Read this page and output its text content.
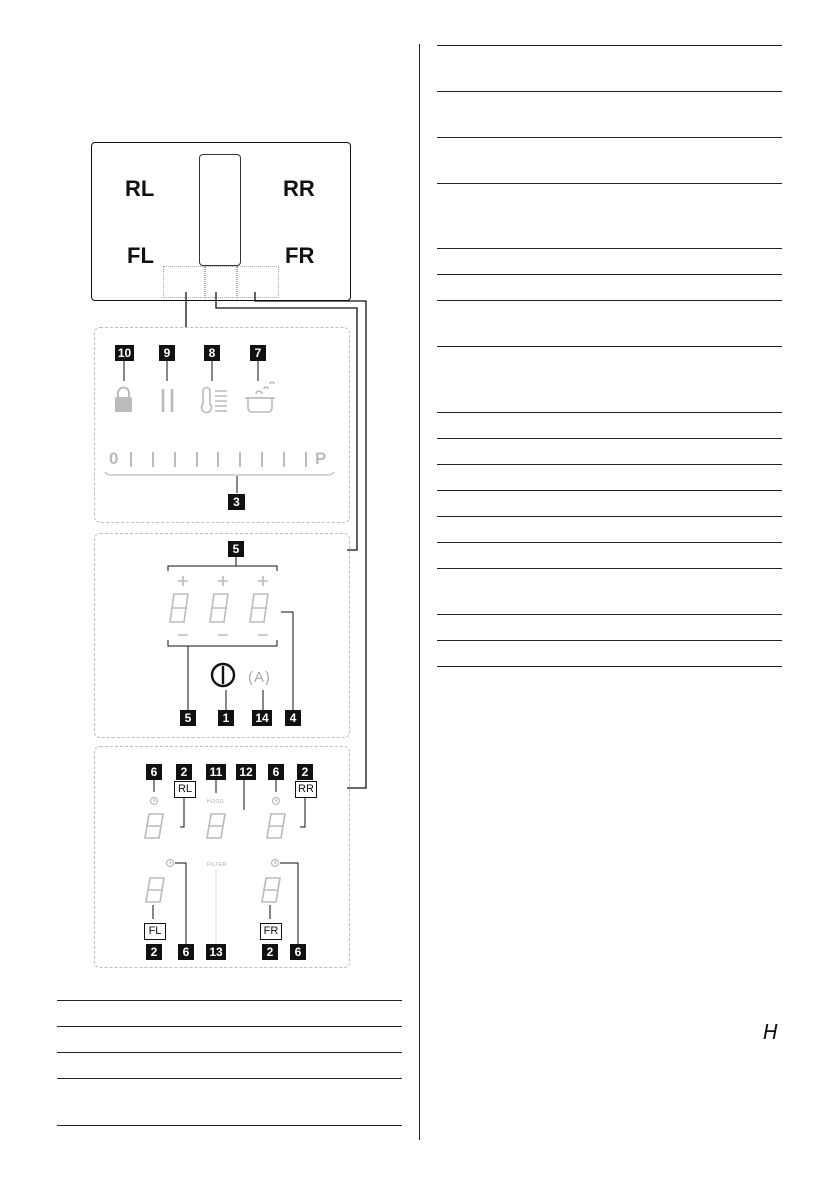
RL	RR
FL	FR
10	9	8	7
0	P
3
5
(A)
5	1	14	4
6	2	11	12	6	2
RL	RR
HOOD
FILTER
FL	FR
2	6	13	2	6
H
